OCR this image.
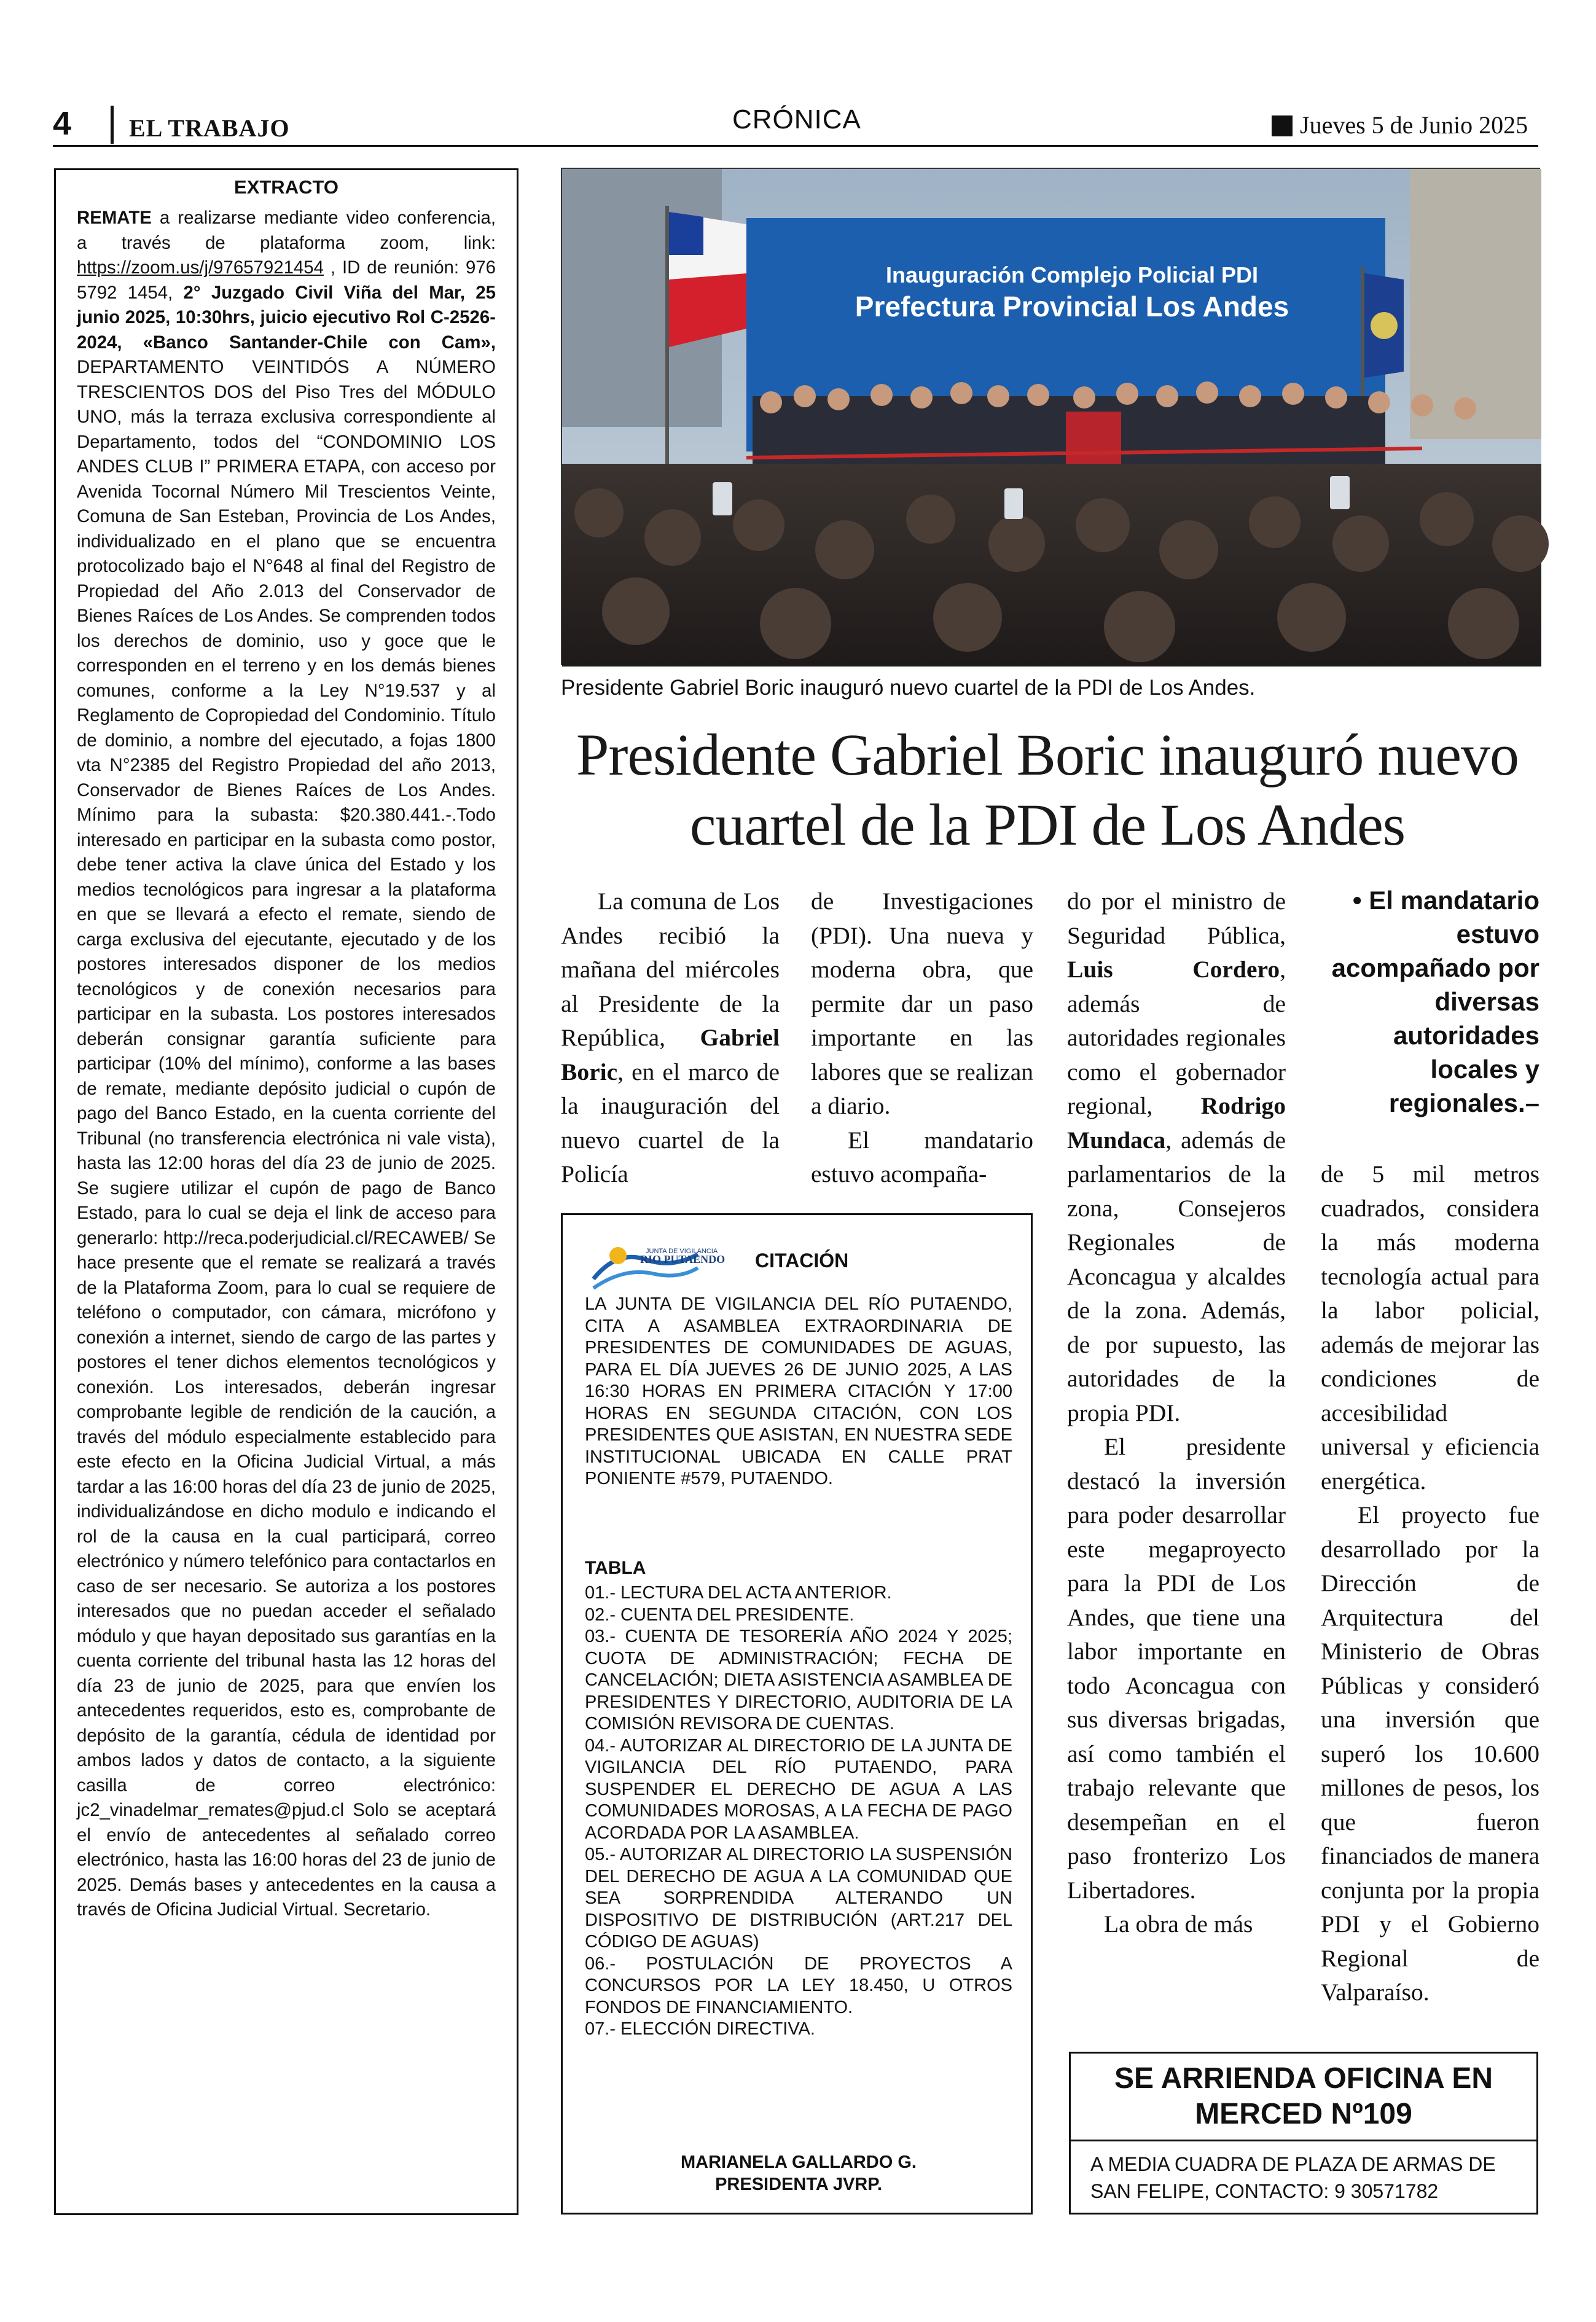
4 EL TRABAJO	CRÓNICA	Jueves 5 de Junio 2025
EXTRACTO

REMATE a realizarse mediante video conferencia, a través de plataforma zoom, link: https://zoom.us/j/97657921454 , ID de reunión: 976 5792 1454, 2° Juzgado Civil Viña del Mar, 25 junio 2025, 10:30hrs, juicio ejecutivo Rol C-2526-2024, «Banco Santander-Chile con Cam», DEPARTAMENTO VEINTIDÓS A NÚMERO TRESCIENTOS DOS del Piso Tres del MÓDULO UNO, más la terraza exclusiva correspondiente al Departamento, todos del “CONDOMINIO LOS ANDES CLUB I” PRIMERA ETAPA, con acceso por Avenida Tocornal Número Mil Trescientos Veinte, Comuna de San Esteban, Provincia de Los Andes, individualizado en el plano que se encuentra protocolizado bajo el N°648 al final del Registro de Propiedad del Año 2.013 del Conservador de Bienes Raíces de Los Andes. Se comprenden todos los derechos de dominio, uso y goce que le corresponden en el terreno y en los demás bienes comunes, conforme a la Ley N°19.537 y al Reglamento de Copropiedad del Condominio. Título de dominio, a nombre del ejecutado, a fojas 1800 vta N°2385 del Registro Propiedad del año 2013, Conservador de Bienes Raíces de Los Andes. Mínimo para la subasta: $20.380.441.-.Todo interesado en participar en la subasta como postor, debe tener activa la clave única del Estado y los medios tecnológicos para ingresar a la plataforma en que se llevará a efecto el remate, siendo de carga exclusiva del ejecutante, ejecutado y de los postores interesados disponer de los medios tecnológicos y de conexión necesarios para participar en la subasta. Los postores interesados deberán consignar garantía suficiente para participar (10% del mínimo), conforme a las bases de remate, mediante depósito judicial o cupón de pago del Banco Estado, en la cuenta corriente del Tribunal (no transferencia electrónica ni vale vista), hasta las 12:00 horas del día 23 de junio de 2025. Se sugiere utilizar el cupón de pago de Banco Estado, para lo cual se deja el link de acceso para generarlo: http://reca.poderjudicial.cl/RECAWEB/ Se hace presente que el remate se realizará a través de la Plataforma Zoom, para lo cual se requiere de teléfono o computador, con cámara, micrófono y conexión a internet, siendo de cargo de las partes y postores el tener dichos elementos tecnológicos y conexión. Los interesados, deberán ingresar comprobante legible de rendición de la caución, a través del módulo especialmente establecido para este efecto en la Oficina Judicial Virtual, a más tardar a las 16:00 horas del día 23 de junio de 2025, individualizándose en dicho modulo e indicando el rol de la causa en la cual participará, correo electrónico y número telefónico para contactarlos en caso de ser necesario. Se autoriza a los postores interesados que no puedan acceder el señalado módulo y que hayan depositado sus garantías en la cuenta corriente del tribunal hasta las 12 horas del día 23 de junio de 2025, para que envíen los antecedentes requeridos, esto es, comprobante de depósito de la garantía, cédula de identidad por ambos lados y datos de contacto, a la siguiente casilla de correo electrónico: jc2_vinadelmar_remates@pjud.cl Solo se aceptará el envío de antecedentes al señalado correo electrónico, hasta las 16:00 horas del 23 de junio de 2025. Demás bases y antecedentes en la causa a través de Oficina Judicial Virtual. Secretario.

Inauguración Complejo Policial PDI
Prefectura Provincial Los Andes
Presidente Gabriel Boric inauguró nuevo cuartel de la PDI de Los Andes.
Presidente Gabriel Boric inauguró nuevo
cuartel de la PDI de Los Andes

La comuna de Los Andes recibió la mañana del miércoles al Presidente de la República, Gabriel Boric, en el marco de la inauguración del nuevo cuartel de la Policía

de Investigaciones (PDI). Una nueva y moderna obra, que permite dar un paso importante en las labores que se realizan a diario.

El mandatario estuvo acompaña-

do por el ministro de Seguridad Pública, Luis Cordero, además de autoridades regionales como el gobernador regional, Rodrigo Mundaca, además de parlamentarios de la zona, Consejeros Regionales de Aconcagua y alcaldes de la zona. Además, de por supuesto, las autoridades de la propia PDI.

El presidente destacó la inversión para poder desarrollar este megaproyecto para la PDI de Los Andes, que tiene una labor importante en todo Aconcagua con sus diversas brigadas, así como también el trabajo relevante que desempeñan en el paso fronterizo Los Libertadores.

La obra de más

• El mandatario estuvo acompañado por diversas autoridades locales y regionales.–

de 5 mil metros cuadrados, considera la más moderna tecnología actual para la labor policial, además de mejorar las condiciones de accesibilidad universal y eficiencia energética.

El proyecto fue desarrollado por la Dirección de Arquitectura del Ministerio de Obras Públicas y consideró una inversión que superó los 10.600 millones de pesos, los que fueron financiados de manera conjunta por la propia PDI y el Gobierno Regional de Valparaíso.

JUNTA DE VIGILANCIA
RIO PUTAENDO CITACIÓN

LA JUNTA DE VIGILANCIA DEL RÍO PUTAENDO, CITA A ASAMBLEA EXTRAORDINARIA DE PRESIDENTES DE COMUNIDADES DE AGUAS, PARA EL DÍA JUEVES 26 DE JUNIO 2025, A LAS 16:30 HORAS EN PRIMERA CITACIÓN Y 17:00 HORAS EN SEGUNDA CITACIÓN, CON LOS PRESIDENTES QUE ASISTAN, EN NUESTRA SEDE INSTITUCIONAL UBICADA EN CALLE PRAT PONIENTE #579, PUTAENDO.

TABLA
01.- LECTURA DEL ACTA ANTERIOR.
02.- CUENTA DEL PRESIDENTE.
03.- CUENTA DE TESORERÍA AÑO 2024 Y 2025; CUOTA DE ADMINISTRACIÓN; FECHA DE CANCELACIÓN; DIETA ASISTENCIA ASAMBLEA DE PRESIDENTES Y DIRECTORIO, AUDITORIA DE LA COMISIÓN REVISORA DE CUENTAS.
04.- AUTORIZAR AL DIRECTORIO DE LA JUNTA DE VIGILANCIA DEL RÍO PUTAENDO, PARA SUSPENDER EL DERECHO DE AGUA A LAS COMUNIDADES MOROSAS, A LA FECHA DE PAGO ACORDADA POR LA ASAMBLEA.
05.- AUTORIZAR AL DIRECTORIO LA SUSPENSIÓN DEL DERECHO DE AGUA A LA COMUNIDAD QUE SEA SORPRENDIDA ALTERANDO UN DISPOSITIVO DE DISTRIBUCIÓN (ART.217 DEL CÓDIGO DE AGUAS)
06.- POSTULACIÓN DE PROYECTOS A CONCURSOS POR LA LEY 18.450, U OTROS FONDOS DE FINANCIAMIENTO.
07.- ELECCIÓN DIRECTIVA.
MARIANELA GALLARDO G.
PRESIDENTA JVRP.
SE ARRIENDA OFICINA EN MERCED Nº109
A MEDIA CUADRA DE PLAZA DE ARMAS DE SAN FELIPE, CONTACTO: 9 30571782
